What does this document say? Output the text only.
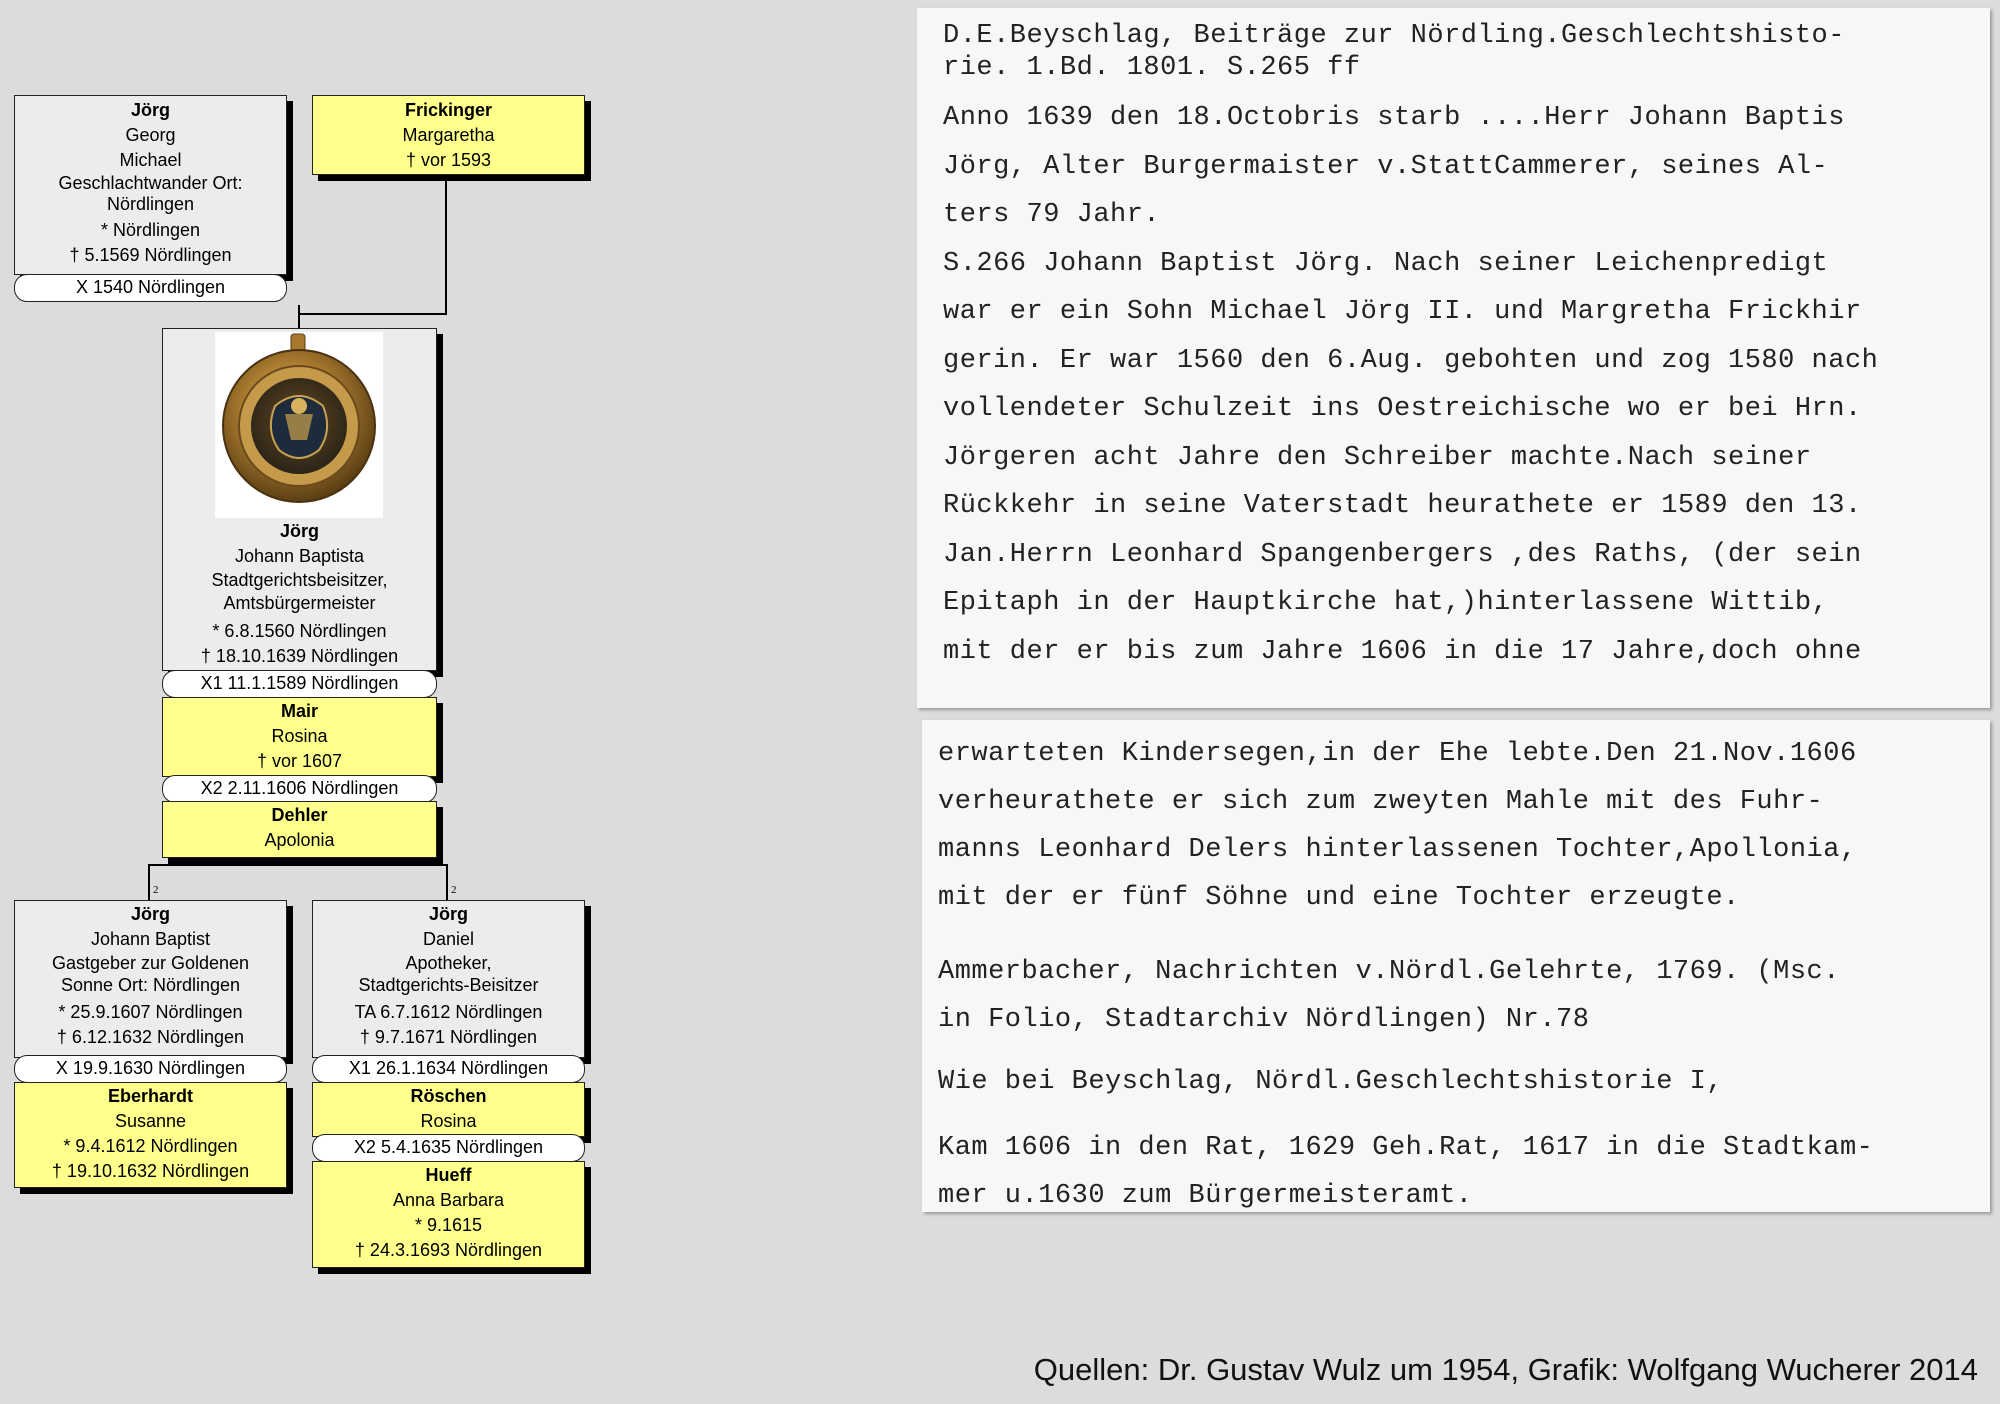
2	2
Jörg
Georg
Michael
Geschlachtwander Ort:
Nördlingen
* Nördlingen
† 5.1569 Nördlingen
X 1540 Nördlingen
Frickinger
Margaretha
† vor 1593
Jörg
Johann Baptista
Stadtgerichtsbeisitzer,
Amtsbürgermeister
* 6.8.1560 Nördlingen
† 18.10.1639 Nördlingen
X1 11.1.1589 Nördlingen
Mair
Rosina
† vor 1607
X2 2.11.1606 Nördlingen
Dehler
Apolonia
Jörg
Johann Baptist
Gastgeber zur Goldenen
Sonne Ort: Nördlingen
* 25.9.1607 Nördlingen
† 6.12.1632 Nördlingen
X 19.9.1630 Nördlingen
Eberhardt
Susanne
* 9.4.1612 Nördlingen
† 19.10.1632 Nördlingen
Jörg
Daniel
Apotheker,
Stadtgerichts-Beisitzer
TA 6.7.1612 Nördlingen
† 9.7.1671 Nördlingen
X1 26.1.1634 Nördlingen
Röschen
Rosina
X2 5.4.1635 Nördlingen
Hueff
Anna Barbara
* 9.1615
† 24.3.1693 Nördlingen
D.E.Beyschlag, Beiträge zur Nördling.Geschlechtshisto-
rie. 1.Bd. 1801. S.265 ff
Anno 1639 den 18.Octobris starb ....Herr Johann Baptis
Jörg, Alter Burgermaister v.StattCammerer, seines Al-
ters 79 Jahr.
S.266 Johann Baptist Jörg. Nach seiner Leichenpredigt
war er ein Sohn Michael Jörg II. und Margretha Frickhir
gerin. Er war 1560 den 6.Aug. gebohten und zog 1580 nach
vollendeter Schulzeit ins Oestreichische wo er bei Hrn.
Jörgeren acht Jahre den Schreiber machte.Nach seiner
Rückkehr in seine Vaterstadt heurathete er 1589 den 13.
Jan.Herrn Leonhard Spangenbergers ,des Raths, (der sein
Epitaph in der Hauptkirche hat,)hinterlassene Wittib,
mit der er bis zum Jahre 1606 in die 17 Jahre,doch ohne
erwarteten Kindersegen,in der Ehe lebte.Den 21.Nov.1606
verheurathete er sich zum zweyten Mahle mit des Fuhr-
manns Leonhard Delers hinterlassenen Tochter,Apollonia,
mit der er fünf Söhne und eine Tochter erzeugte.
Ammerbacher, Nachrichten v.Nördl.Gelehrte, 1769. (Msc.
in Folio, Stadtarchiv Nördlingen) Nr.78
Wie bei Beyschlag, Nördl.Geschlechtshistorie I,
Kam 1606 in den Rat, 1629 Geh.Rat, 1617 in die Stadtkam-
mer u.1630 zum Bürgermeisteramt.
Quellen: Dr. Gustav Wulz um 1954, Grafik: Wolfgang Wucherer 2014
